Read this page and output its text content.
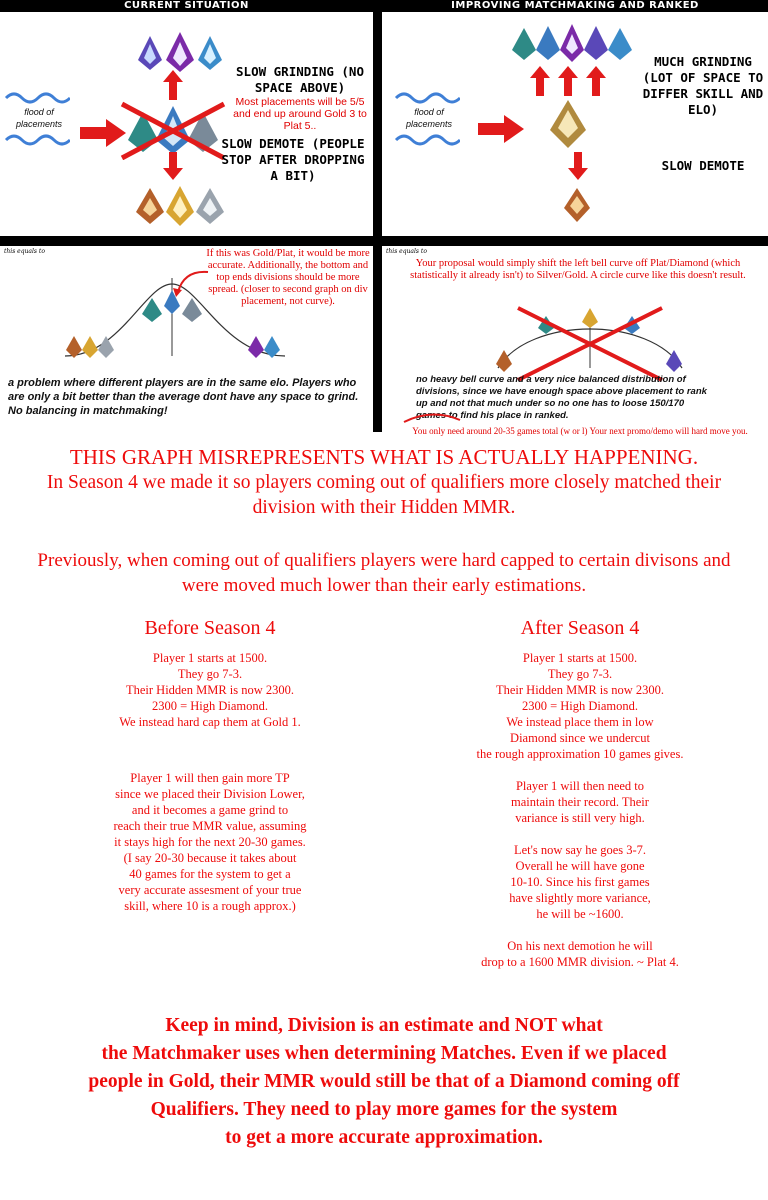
CURRENT SITUATION
flood of placements
SLOW GRINDING (NO SPACE ABOVE)
Most placements will be 5/5 and end up around Gold 3 to Plat 5..
SLOW DEMOTE (PEOPLE STOP AFTER DROPPING A BIT)
IMPROVING MATCHMAKING AND RANKED
flood of placements
MUCH GRINDING (LOT OF SPACE TO DIFFER SKILL AND ELO)
SLOW DEMOTE
this equals to	If this was Gold/Plat, it would be more accurate. Additionally, the bottom and top ends divisions should be more spread. (closer to second graph on div placement, not curve).
a problem where different players are in the same elo. Players who are only a bit better than the average dont have any space to grind. No balancing in matchmaking!
this equals to
Your proposal would simply shift the left bell curve off Plat/Diamond (which statistically it already isn't) to Silver/Gold. A circle curve like this doesn't result.
no heavy bell curve and a very nice balanced distribution of divisions, since we have enough space above placement to rank up and not that much under so no one has to loose 150/170 games to find his place in ranked.
You only need around 20-35 games total (w or l) Your next promo/demo will hard move you.
THIS GRAPH MISREPRESENTS WHAT IS ACTUALLY HAPPENING.
In Season 4 we made it so players coming out of qualifiers more closely matched their division with their Hidden MMR.
Previously, when coming out of qualifiers players were hard capped to certain divisons and were moved much lower than their early estimations.
Before Season 4

Player 1 starts at 1500.

They go 7-3.

Their Hidden MMR is now 2300.

2300 = High Diamond.

We instead hard cap them at Gold 1.

Player 1 will then gain more TP

since we placed their Division Lower,

and it becomes a game grind to

reach their true MMR value, assuming

it stays high for the next 20-30 games.

(I say 20-30 because it takes about

40 games for the system to get a

very accurate assesment of your true

skill, where 10 is a rough approx.)

After Season 4

Player 1 starts at 1500.

They go 7-3.

Their Hidden MMR is now 2300.

2300 = High Diamond.

We instead place them in low

Diamond since we undercut

the rough approximation 10 games gives.

Player 1 will then need to

maintain their record. Their

variance is still very high.

Let's now say he goes 3-7.

Overall he will have gone

10-10. Since his first games

have slightly more variance,

he will be ~1600.

On his next demotion he will

drop to a 1600 MMR division. ~ Plat 4.

Keep in mind, Division is an estimate and NOT what
the Matchmaker uses when determining Matches. Even if we placed
people in Gold, their MMR would still be that of a Diamond coming off
Qualifiers. They need to play more games for the system
to get a more accurate approximation.
